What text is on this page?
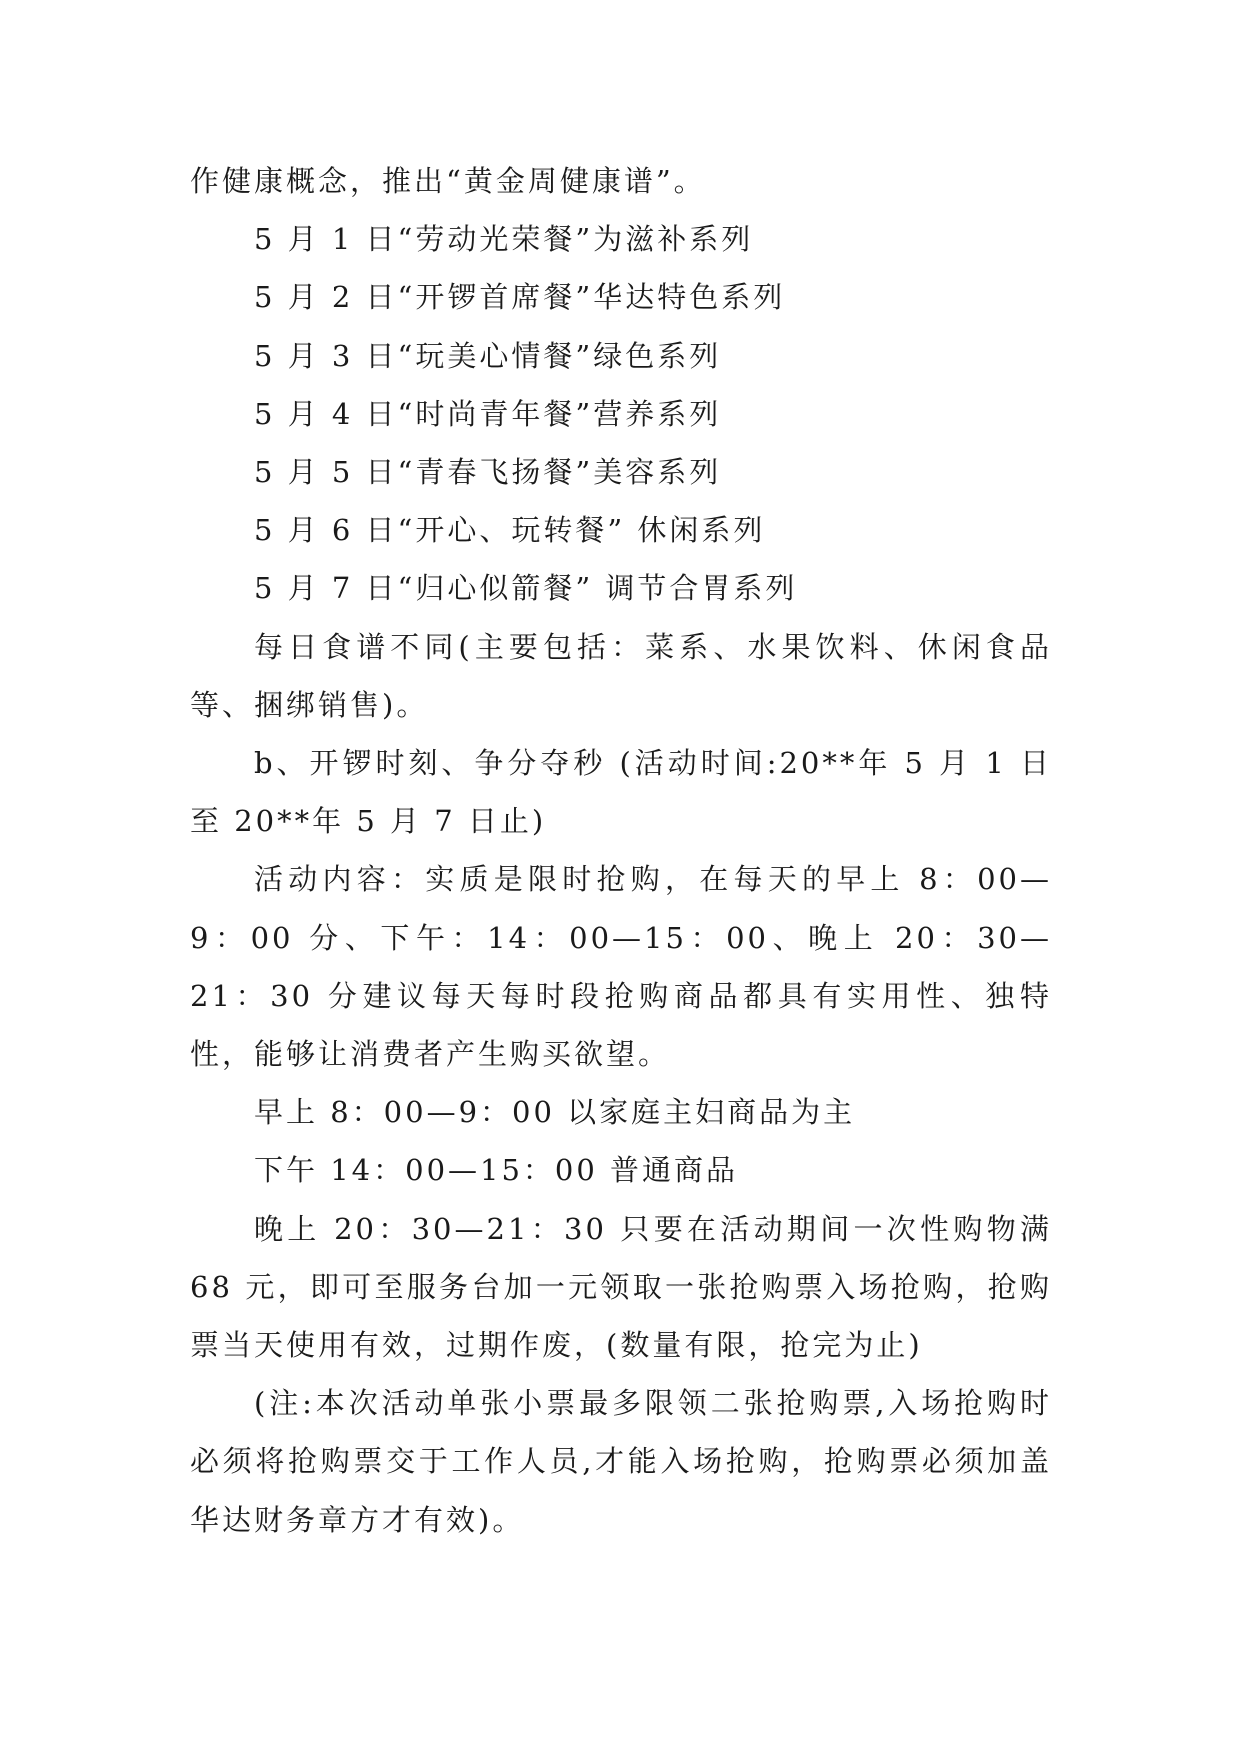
作健康概念，推出“黄金周健康谱”。

5 月 1 日“劳动光荣餐”为滋补系列

5 月 2 日“开锣首席餐”华达特色系列

5 月 3 日“玩美心情餐”绿色系列

5 月 4 日“时尚青年餐”营养系列

5 月 5 日“青春飞扬餐”美容系列

5 月 6 日“开心、玩转餐” 休闲系列

5 月 7 日“归心似箭餐” 调节合胃系列

每日食谱不同(主要包括：菜系、水果饮料、休闲食品等、捆绑销售)。

b、开锣时刻、争分夺秒 (活动时间:20**年 5 月 1 日至 20**年 5 月 7 日止)

活动内容：实质是限时抢购，在每天的早上 8：00—9：00 分、下午：14：00—15：00、晚上 20：30—21：30 分建议每天每时段抢购商品都具有实用性、独特性，能够让消费者产生购买欲望。

早上 8：00—9：00 以家庭主妇商品为主

下午 14：00—15：00 普通商品

晚上 20：30—21：30 只要在活动期间一次性购物满 68 元，即可至服务台加一元领取一张抢购票入场抢购，抢购票当天使用有效，过期作废，(数量有限，抢完为止)

(注:本次活动单张小票最多限领二张抢购票,入场抢购时必须将抢购票交于工作人员,才能入场抢购，抢购票必须加盖华达财务章方才有效)。
